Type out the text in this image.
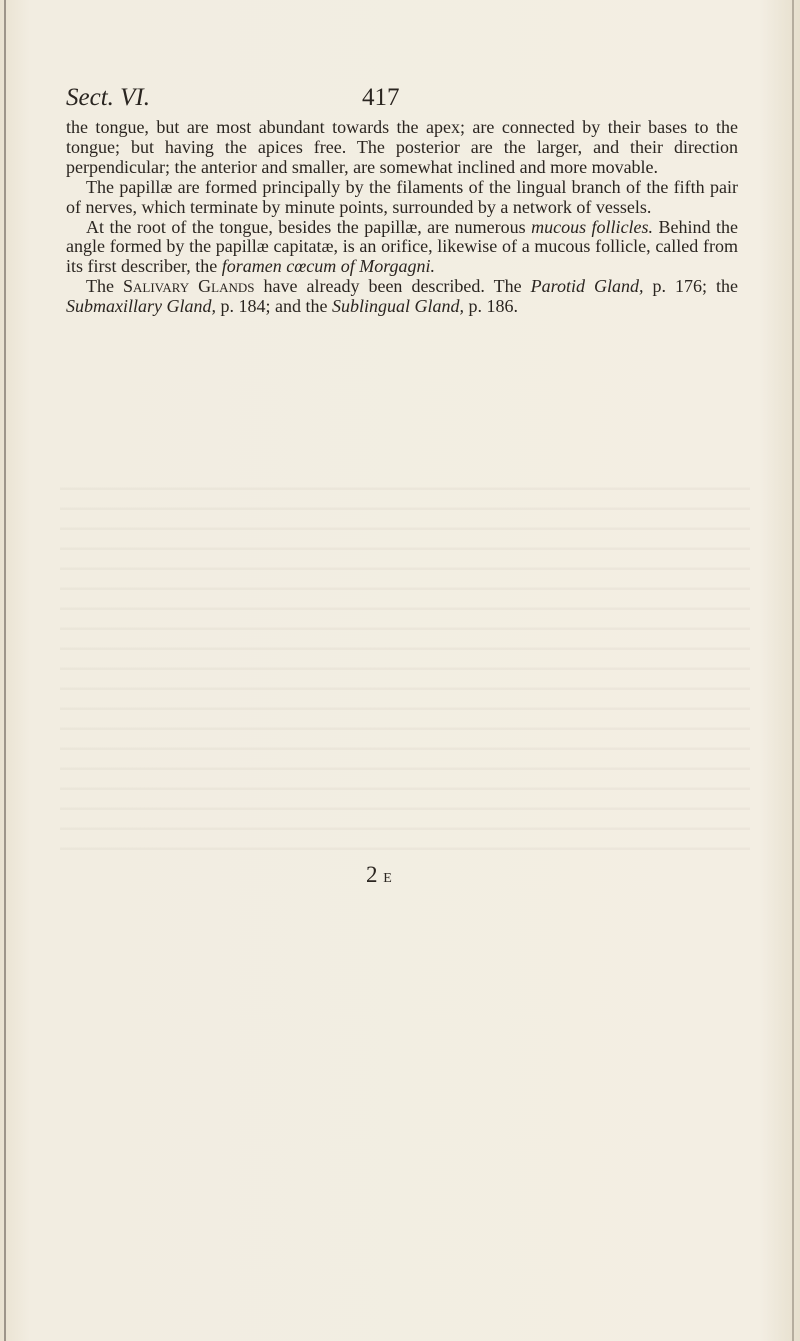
Sect. VI.	417

the tongue, but are most abundant towards the apex; are connected by their bases to the tongue; but having the apices free. The posterior are the larger, and their direction perpendicular; the anterior and smaller, are somewhat inclined and more movable.

The papillæ are formed principally by the filaments of the lingual branch of the fifth pair of nerves, which terminate by minute points, surrounded by a network of vessels.

At the root of the tongue, besides the papillæ, are numerous mucous follicles. Behind the angle formed by the papillæ capitatæ, is an orifice, likewise of a mucous follicle, called from its first describer, the foramen cœcum of Morgagni.

The Salivary Glands have already been described. The Parotid Gland, p. 176; the Submaxillary Gland, p. 184; and the Sublingual Gland, p. 186.

2 E
